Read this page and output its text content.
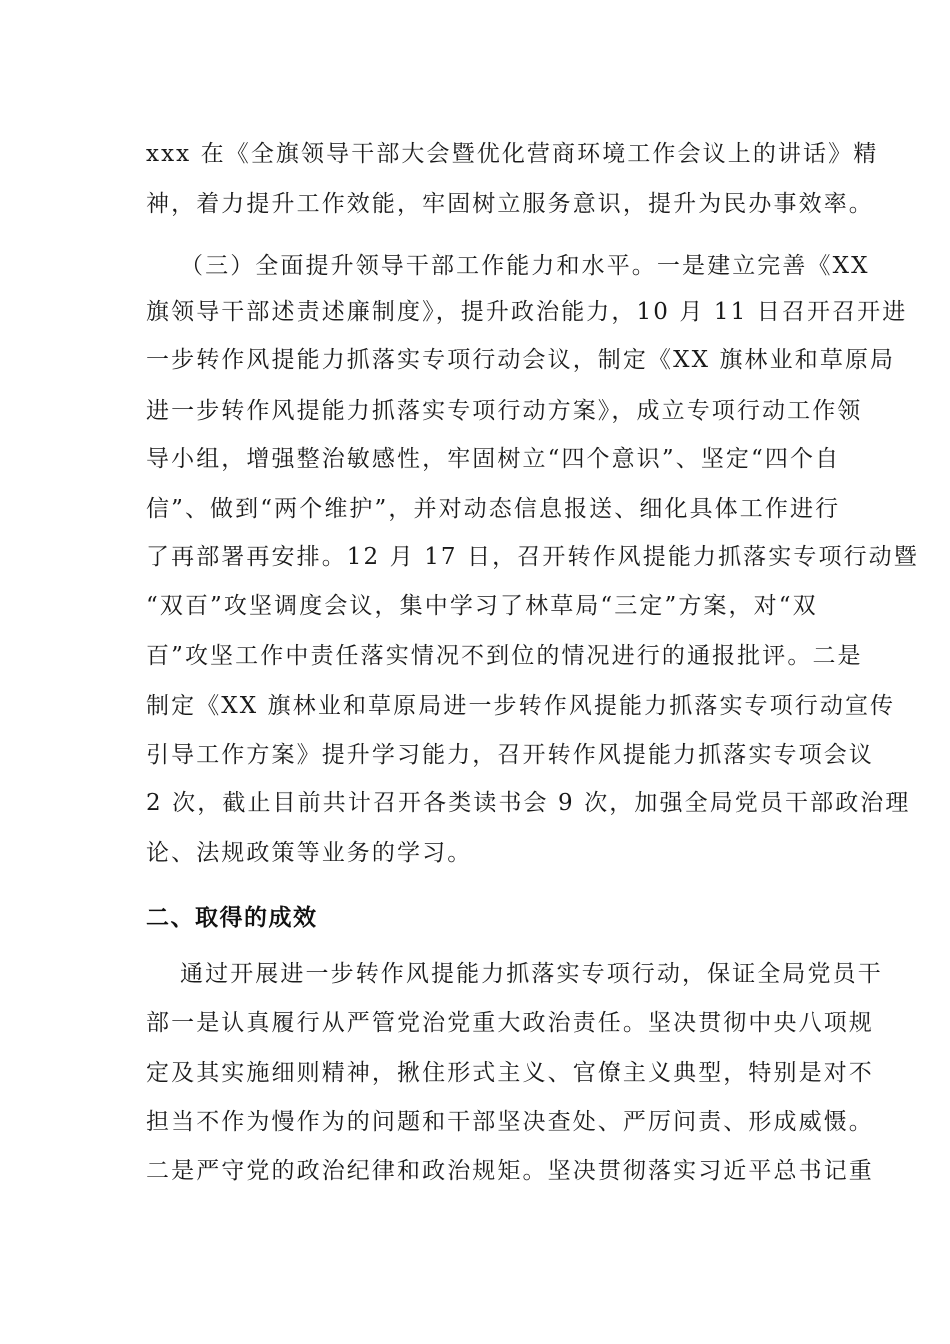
xxx 在《全旗领导干部大会暨优化营商环境工作会议上的讲话》精
神，着力提升工作效能，牢固树立服务意识，提升为民办事效率。
（三）全面提升领导干部工作能力和水平。一是建立完善《XX
旗领导干部述责述廉制度》，提升政治能力，10 月 11 日召开召开进
一步转作风提能力抓落实专项行动会议，制定《XX 旗林业和草原局
进一步转作风提能力抓落实专项行动方案》，成立专项行动工作领
导小组，增强整治敏感性，牢固树立“四个意识”、坚定“四个自
信”、做到“两个维护”，并对动态信息报送、细化具体工作进行
了再部署再安排。12 月 17 日，召开转作风提能力抓落实专项行动暨
“双百”攻坚调度会议，集中学习了林草局“三定”方案，对“双
百”攻坚工作中责任落实情况不到位的情况进行的通报批评。二是
制定《XX 旗林业和草原局进一步转作风提能力抓落实专项行动宣传
引导工作方案》提升学习能力，召开转作风提能力抓落实专项会议
2 次，截止目前共计召开各类读书会 9 次，加强全局党员干部政治理
论、法规政策等业务的学习。
二、取得的成效
通过开展进一步转作风提能力抓落实专项行动，保证全局党员干
部一是认真履行从严管党治党重大政治责任。坚决贯彻中央八项规
定及其实施细则精神，揪住形式主义、官僚主义典型，特别是对不
担当不作为慢作为的问题和干部坚决查处、严厉问责、形成威慑。
二是严守党的政治纪律和政治规矩。坚决贯彻落实习近平总书记重
